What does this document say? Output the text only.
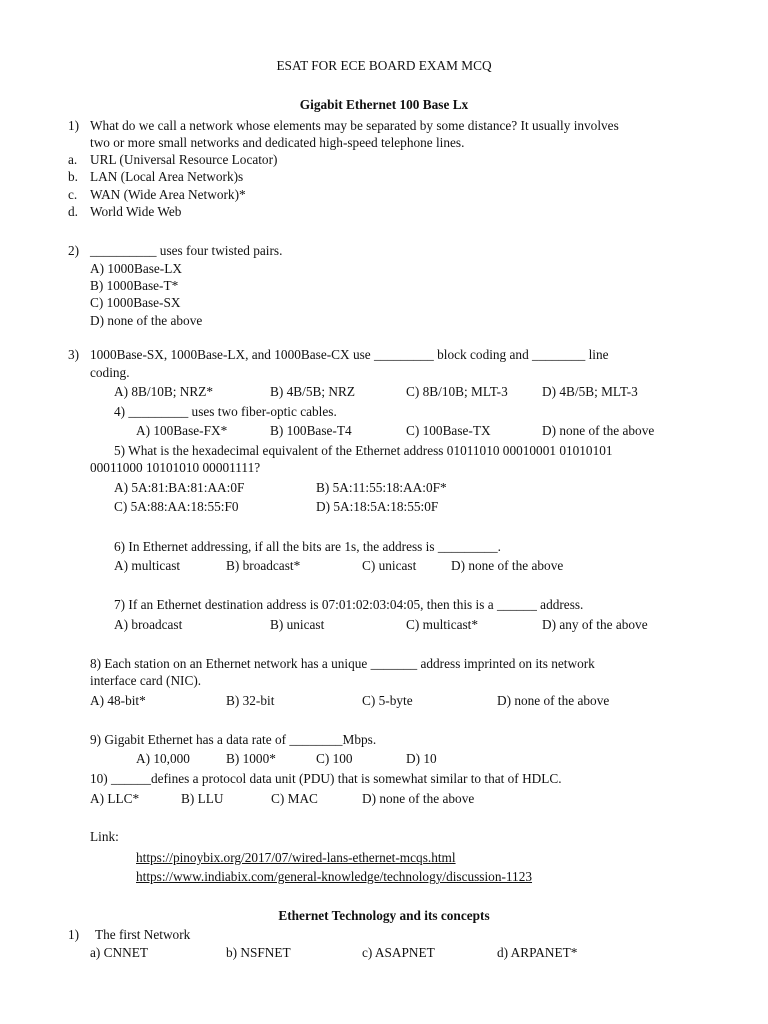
ESAT FOR ECE BOARD EXAM MCQ
Gigabit Ethernet 100 Base Lx
1) What do we call a network whose elements may be separated by some distance? It usually involves
two or more small networks and dedicated high-speed telephone lines.
a. URL (Universal Resource Locator)
b. LAN (Local Area Network)s
c. WAN (Wide Area Network)*
d. World Wide Web
2) __________ uses four twisted pairs.
A) 1000Base-LX
B) 1000Base-T*
C) 1000Base-SX
D) none of the above
3) 1000Base-SX, 1000Base-LX, and 1000Base-CX use _________ block coding and ________ line
coding.
A) 8B/10B; NRZ*	B) 4B/5B; NRZ	C) 8B/10B; MLT-3	D) 4B/5B; MLT-3
4) _________ uses two fiber-optic cables.
A) 100Base-FX*	B) 100Base-T4	C) 100Base-TX	D) none of the above
5) What is the hexadecimal equivalent of the Ethernet address 01011010 00010001 01010101
00011000 10101010 00001111?
A) 5A:81:BA:81:AA:0F	B) 5A:11:55:18:AA:0F*
C) 5A:88:AA:18:55:F0	D) 5A:18:5A:18:55:0F
6) In Ethernet addressing, if all the bits are 1s, the address is _________.
A) multicast	B) broadcast*	C) unicast	D) none of the above
7) If an Ethernet destination address is 07:01:02:03:04:05, then this is a ______ address.
A) broadcast	B) unicast	C) multicast*	D) any of the above
8) Each station on an Ethernet network has a unique _______ address imprinted on its network
interface card (NIC).
A) 48-bit*	B) 32-bit	C) 5-byte	D) none of the above
9) Gigabit Ethernet has a data rate of ________Mbps.
A) 10,000	B) 1000*	C) 100	D) 10
10) ______defines a protocol data unit (PDU) that is somewhat similar to that of HDLC.
A) LLC*	B) LLU	C) MAC	D) none of the above
Link:
https://pinoybix.org/2017/07/wired-lans-ethernet-mcqs.html
https://www.indiabix.com/general-knowledge/technology/discussion-1123
Ethernet Technology and its concepts
1) The first Network
a) CNNET	b) NSFNET	c) ASAPNET	d) ARPANET*
